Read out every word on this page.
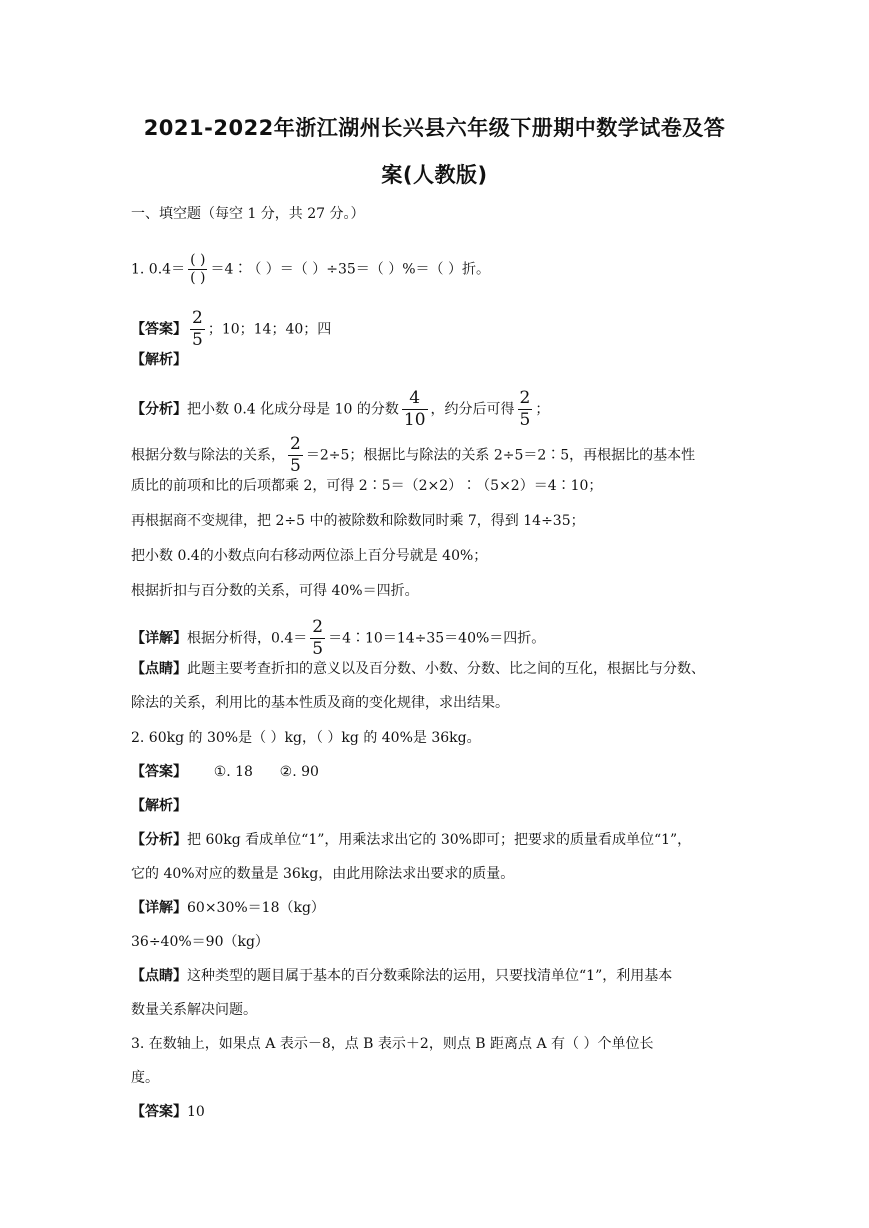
2021-2022年浙江湖州长兴县六年级下册期中数学试卷及答
案(人教版)
一、填空题（每空 1 分，共 27 分。）
1. $0.4= \frac{( )}{( )}$ ＝4∶（ ）＝（ ）÷35＝（ ）%＝（ ）折。
【答案】 $\frac{2}{5}$ ；10；14；40；四
【解析】
【分析】把小数 0.4 化成分母是 10 的分数 $\frac{4}{10}$ ，约分后可得 $\frac{2}{5}$ ；
根据分数与除法的关系， $\frac{2}{5} =2\div 5$；根据比与除法的关系 2÷5＝2∶5，再根据比的基本性
质比的前项和比的后项都乘 2，可得 2∶5＝（2×2）∶（5×2）＝4∶10；
再根据商不变规律，把 2÷5 中的被除数和除数同时乘 7，得到 14÷35；
把小数 0.4的小数点向右移动两位添上百分号就是 40%；
根据折扣与百分数的关系，可得 40%＝四折。
【详解】根据分析得，$0.4= \frac{2}{5}$ ＝4∶10＝14÷35＝40%＝四折。
【点睛】此题主要考查折扣的意义以及百分数、小数、分数、比之间的互化，根据比与分数、
除法的关系，利用比的基本性质及商的变化规律，求出结果。
2. 60kg 的 30%是（ ）kg，（ ）kg 的 40%是 36kg。
【答案】      ①. 18      ②. 90
【解析】
【分析】把 60kg 看成单位“1”，用乘法求出它的 30%即可；把要求的质量看成单位“1”，
它的 40%对应的数量是 36kg，由此用除法求出要求的质量。
【详解】60×30%＝18（kg）
36÷40%＝90（kg）
【点睛】这种类型的题目属于基本的百分数乘除法的运用，只要找清单位“1”，利用基本
数量关系解决问题。
3. 在数轴上，如果点 A 表示－8，点 B 表示＋2，则点 B 距离点 A 有（ ）个单位长
度。
【答案】10
